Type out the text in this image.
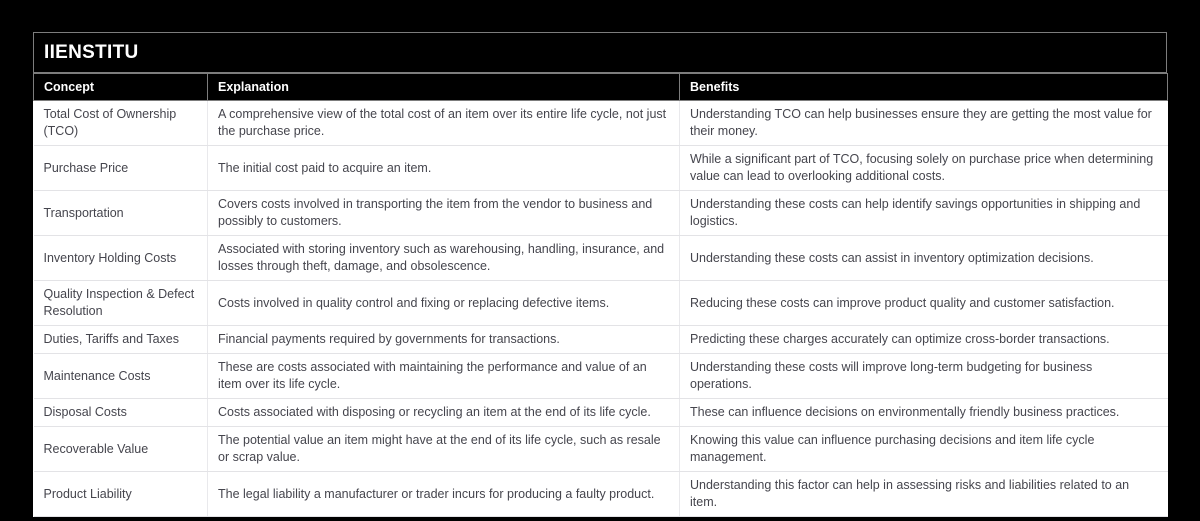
IIENSTITU
Concept	Explanation	Benefits
Total Cost of Ownership (TCO)	A comprehensive view of the total cost of an item over its entire life cycle, not just the purchase price.	Understanding TCO can help businesses ensure they are getting the most value for their money.
Purchase Price	The initial cost paid to acquire an item.	While a significant part of TCO, focusing solely on purchase price when determining value can lead to overlooking additional costs.
Transportation	Covers costs involved in transporting the item from the vendor to business and possibly to customers.	Understanding these costs can help identify savings opportunities in shipping and logistics.
Inventory Holding Costs	Associated with storing inventory such as warehousing, handling, insurance, and losses through theft, damage, and obsolescence.	Understanding these costs can assist in inventory optimization decisions.
Quality Inspection & Defect Resolution	Costs involved in quality control and fixing or replacing defective items.	Reducing these costs can improve product quality and customer satisfaction.
Duties, Tariffs and Taxes	Financial payments required by governments for transactions.	Predicting these charges accurately can optimize cross-border transactions.
Maintenance Costs	These are costs associated with maintaining the performance and value of an item over its life cycle.	Understanding these costs will improve long-term budgeting for business operations.
Disposal Costs	Costs associated with disposing or recycling an item at the end of its life cycle.	These can influence decisions on environmentally friendly business practices.
Recoverable Value	The potential value an item might have at the end of its life cycle, such as resale or scrap value.	Knowing this value can influence purchasing decisions and item life cycle management.
Product Liability	The legal liability a manufacturer or trader incurs for producing a faulty product.	Understanding this factor can help in assessing risks and liabilities related to an item.
